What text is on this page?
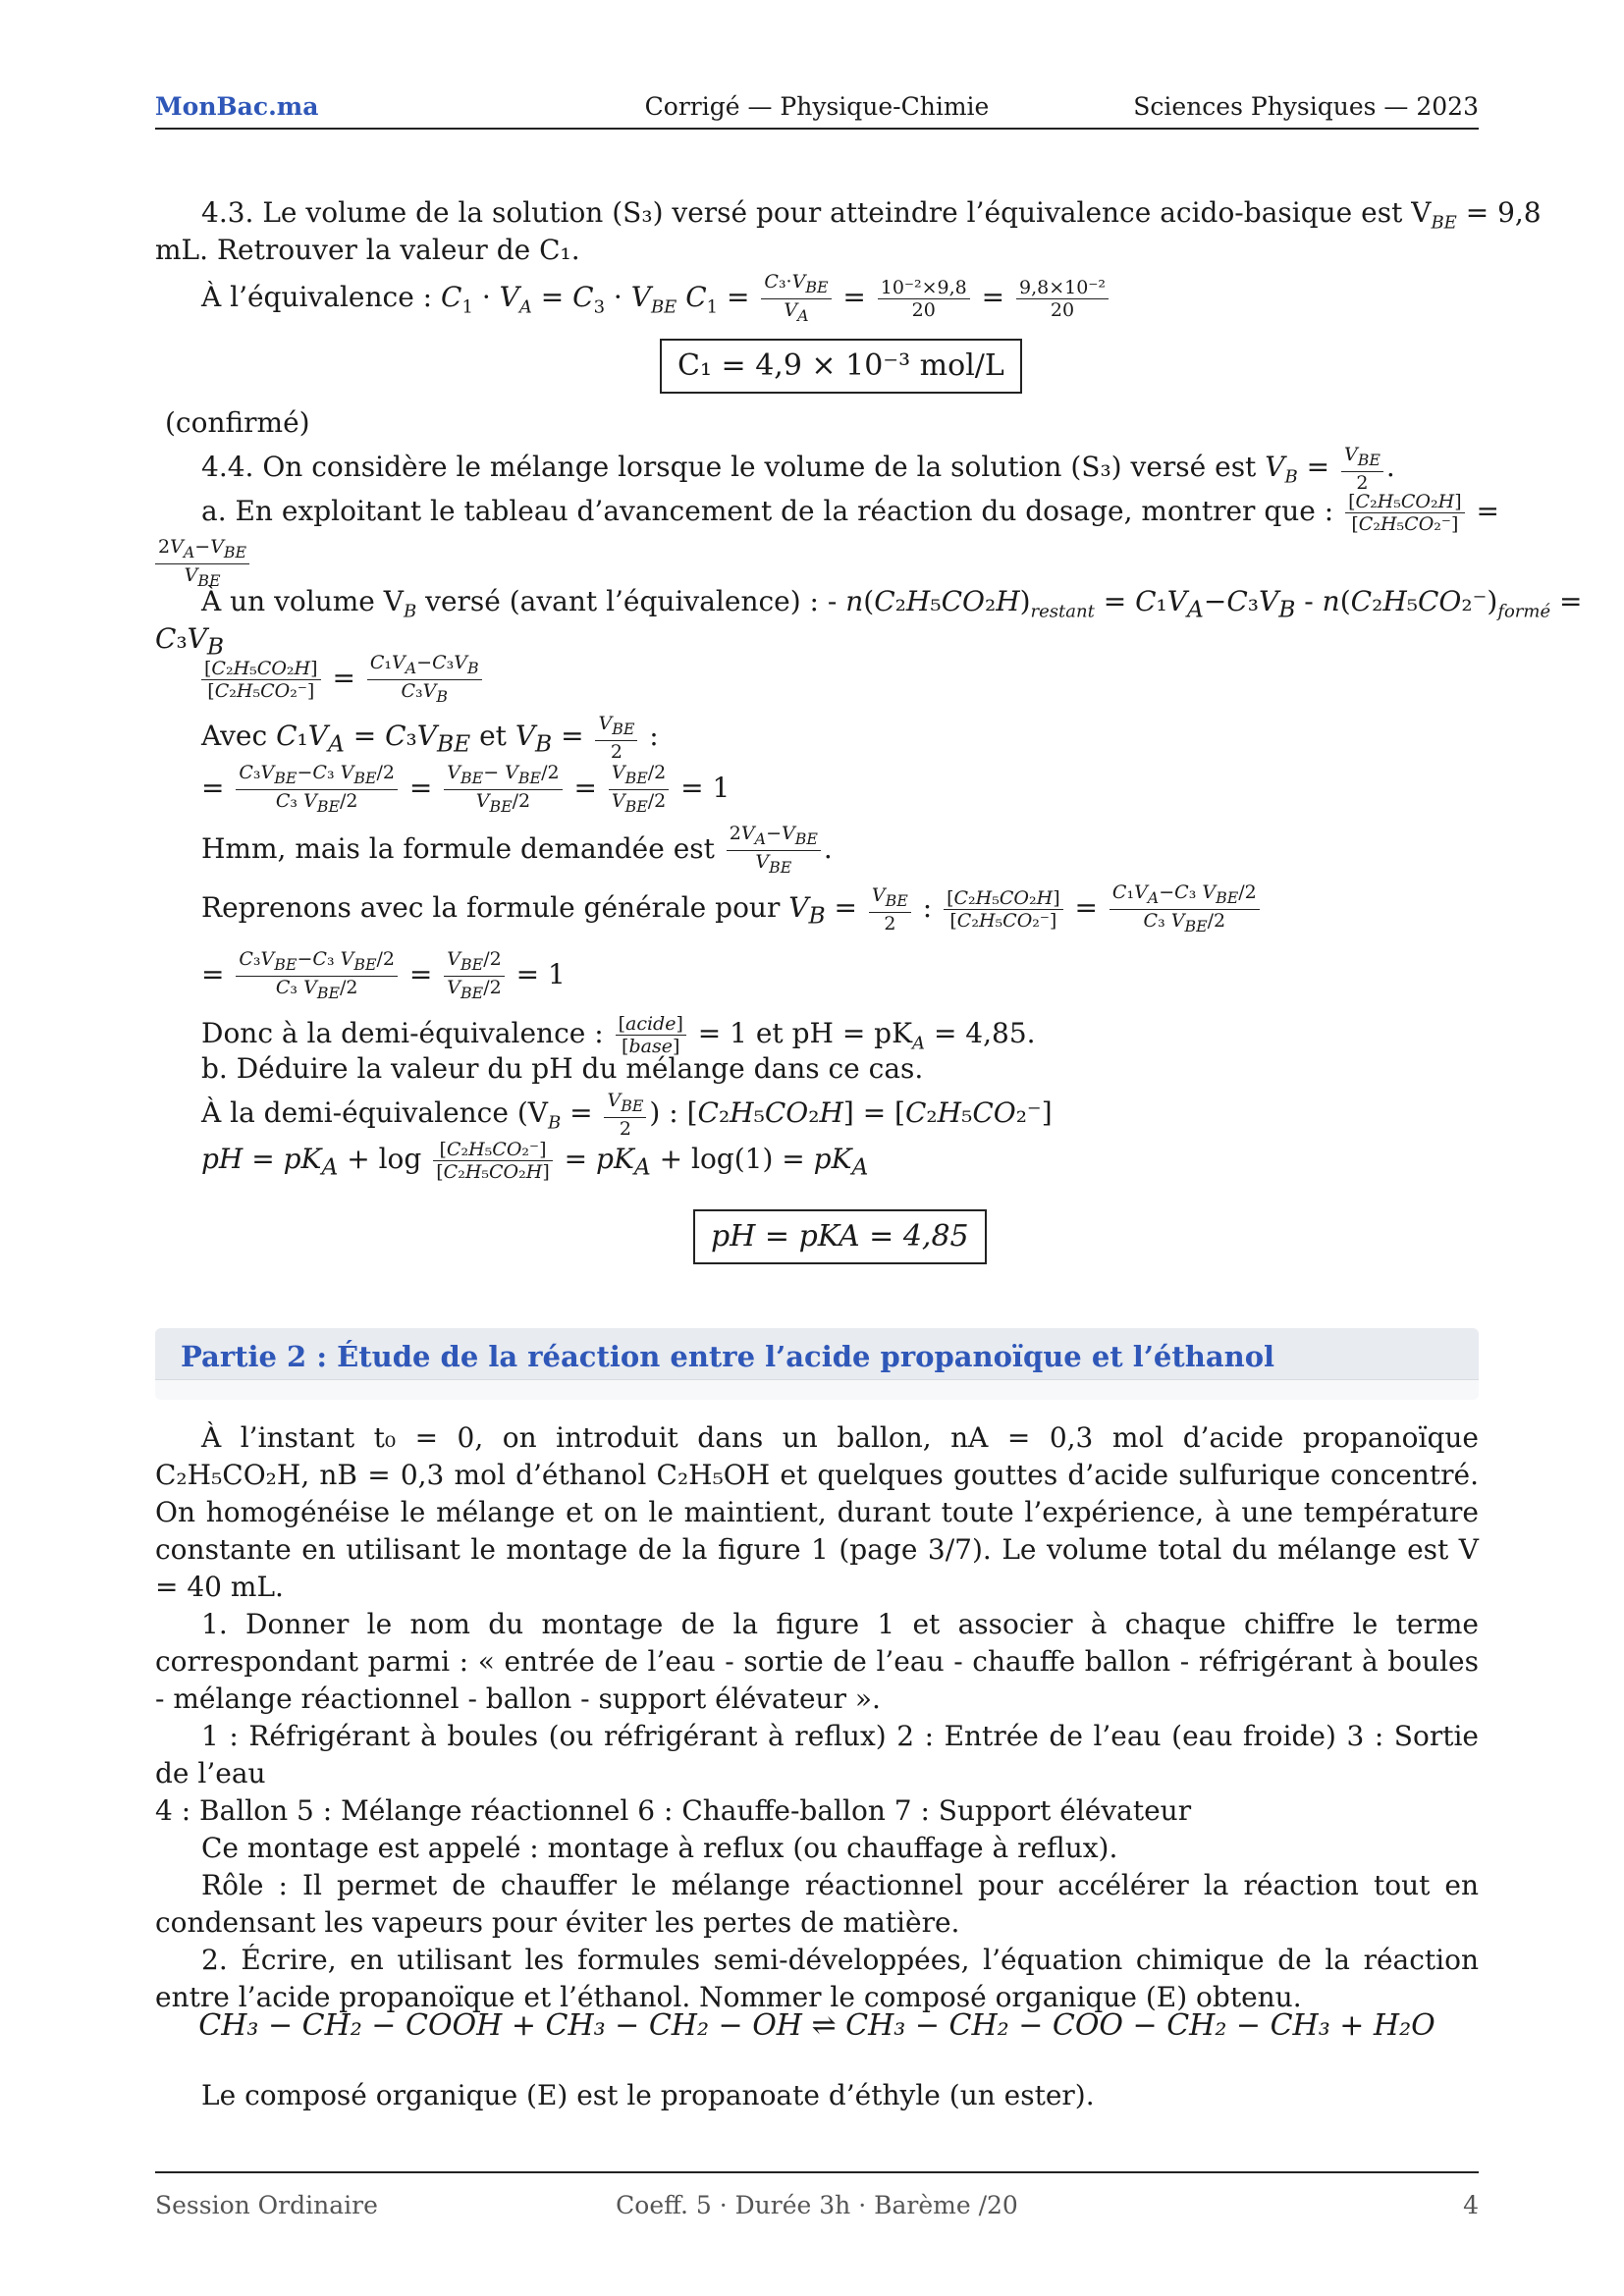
MonBac.ma	Corrigé — Physique-Chimie	Sciences Physiques — 2023
4.3. Le volume de la solution (S₃) versé pour atteindre l’équivalence acido-basique est $V_{BE} = 9,8$
mL. Retrouver la valeur de C₁.
À l’équivalence : $C_1 \cdot V_A = C_3 \cdot V_{BE}$ $C_1 = \frac{C_3\cdot V_{BE}}{V_A} = \frac{\text{10⁻²×9,8}}{20} = \frac{\text{9,8×10⁻²}}{20}$
C₁ = 4,9 × 10⁻³ mol/L
(confirmé)
4.4. On considère le mélange lorsque le volume de la solution (S₃) versé est $V_B = \frac{V_{BE}}{2}$ .
a. En exploitant le tableau d’avancement de la réaction du dosage, montrer que : $\frac{\text{[C₂H₅CO₂H]}}{\text{[C₂H₅CO₂⁻]}}$ =
$\frac{2V_A-V_{BE}}{V_{BE}}$
À un volume $V_B$ versé (avant l’équivalence) : - $n(C_2H_5CO_2H)_{restant} = C_1V_A-C_3V_B - n(C_2H_5CO_2^-)_{formé}$ =
$C_3V_B$
$\frac{\text{[C₂H₅CO₂H]}}{\text{[C₂H₅CO₂⁻]}} = \frac{C_1V_A-C_3V_B}{C_3V_B}$
Avec $C_1V_A = C_3V_{BE}$ et $V_B = \frac{V_{BE}}{2}$ :
= $\frac{C_3V_{BE}-C_3 V_{BE}/2}{C_3 V_{BE}/2} = \frac{V_{BE}- V_{BE}/2}{V_{BE}/2} = \frac{V_{BE}/2}{V_{BE}/2} = 1$
Hmm, mais la formule demandée est $\frac{2V_A-V_{BE}}{V_{BE}}$ .
Reprenons avec la formule générale pour $V_B = \frac{V_{BE}}{2}$ : $\frac{\text{[C₂H₅CO₂H]}}{\text{[C₂H₅CO₂⁻]}} = \frac{C_1V_A-C_3 V_{BE}/2}{C_3 V_{BE}/2}$
= $\frac{C_3V_{BE}-C_3 V_{BE}/2}{C_3 V_{BE}/2} = \frac{V_{BE}/2}{V_{BE}/2} = 1$
Donc à la demi-équivalence : $\frac{\text{[acide]}}{\text{[base]}} = 1$ et pH = $pK_A = 4,85$.
b. Déduire la valeur du pH du mélange dans ce cas.
À la demi-équivalence ($V_B = \frac{V_{BE}}{2}$ ) : [C₂H₅CO₂H] = [C₂H₅CO₂⁻]
pH = $pK_A + \log \frac{\text{[C₂H₅CO₂⁻]}}{\text{[C₂H₅CO₂H]}} = pK_A + \log(1) = pK_A$
pH = pKA = 4,85
Partie 2 : Étude de la réaction entre l’acide propanoïque et l’éthanol

À l’instant t₀ = 0, on introduit dans un ballon, nA = 0,3 mol d’acide propanoïque C₂H₅CO₂H, nB = 0,3 mol d’éthanol C₂H₅OH et quelques gouttes d’acide sulfurique concentré. On homogénéise le mélange et on le maintient, durant toute l’expérience, à une température constante en utilisant le montage de la figure 1 (page 3/7). Le volume total du mélange est V = 40 mL.

1. Donner le nom du montage de la figure 1 et associer à chaque chiffre le terme correspondant parmi : « entrée de l’eau - sortie de l’eau - chauffe ballon - réfrigérant à boules - mélange réactionnel - ballon - support élévateur ».

1 : Réfrigérant à boules (ou réfrigérant à reflux) 2 : Entrée de l’eau (eau froide) 3 : Sortie de l’eau

4 : Ballon 5 : Mélange réactionnel 6 : Chauffe-ballon 7 : Support élévateur

Ce montage est appelé : montage à reflux (ou chauffage à reflux).

Rôle : Il permet de chauffer le mélange réactionnel pour accélérer la réaction tout en condensant les vapeurs pour éviter les pertes de matière.

2. Écrire, en utilisant les formules semi-développées, l’équation chimique de la réaction entre l’acide propanoïque et l’éthanol. Nommer le composé organique (E) obtenu.

CH₃ − CH₂ − COOH + CH₃ − CH₂ − OH ⇌ CH₃ − CH₂ − COO − CH₂ − CH₃ + H₂O
Le composé organique (E) est le propanoate d’éthyle (un ester).
Session Ordinaire	Coeff. 5 · Durée 3h · Barème /20	4
